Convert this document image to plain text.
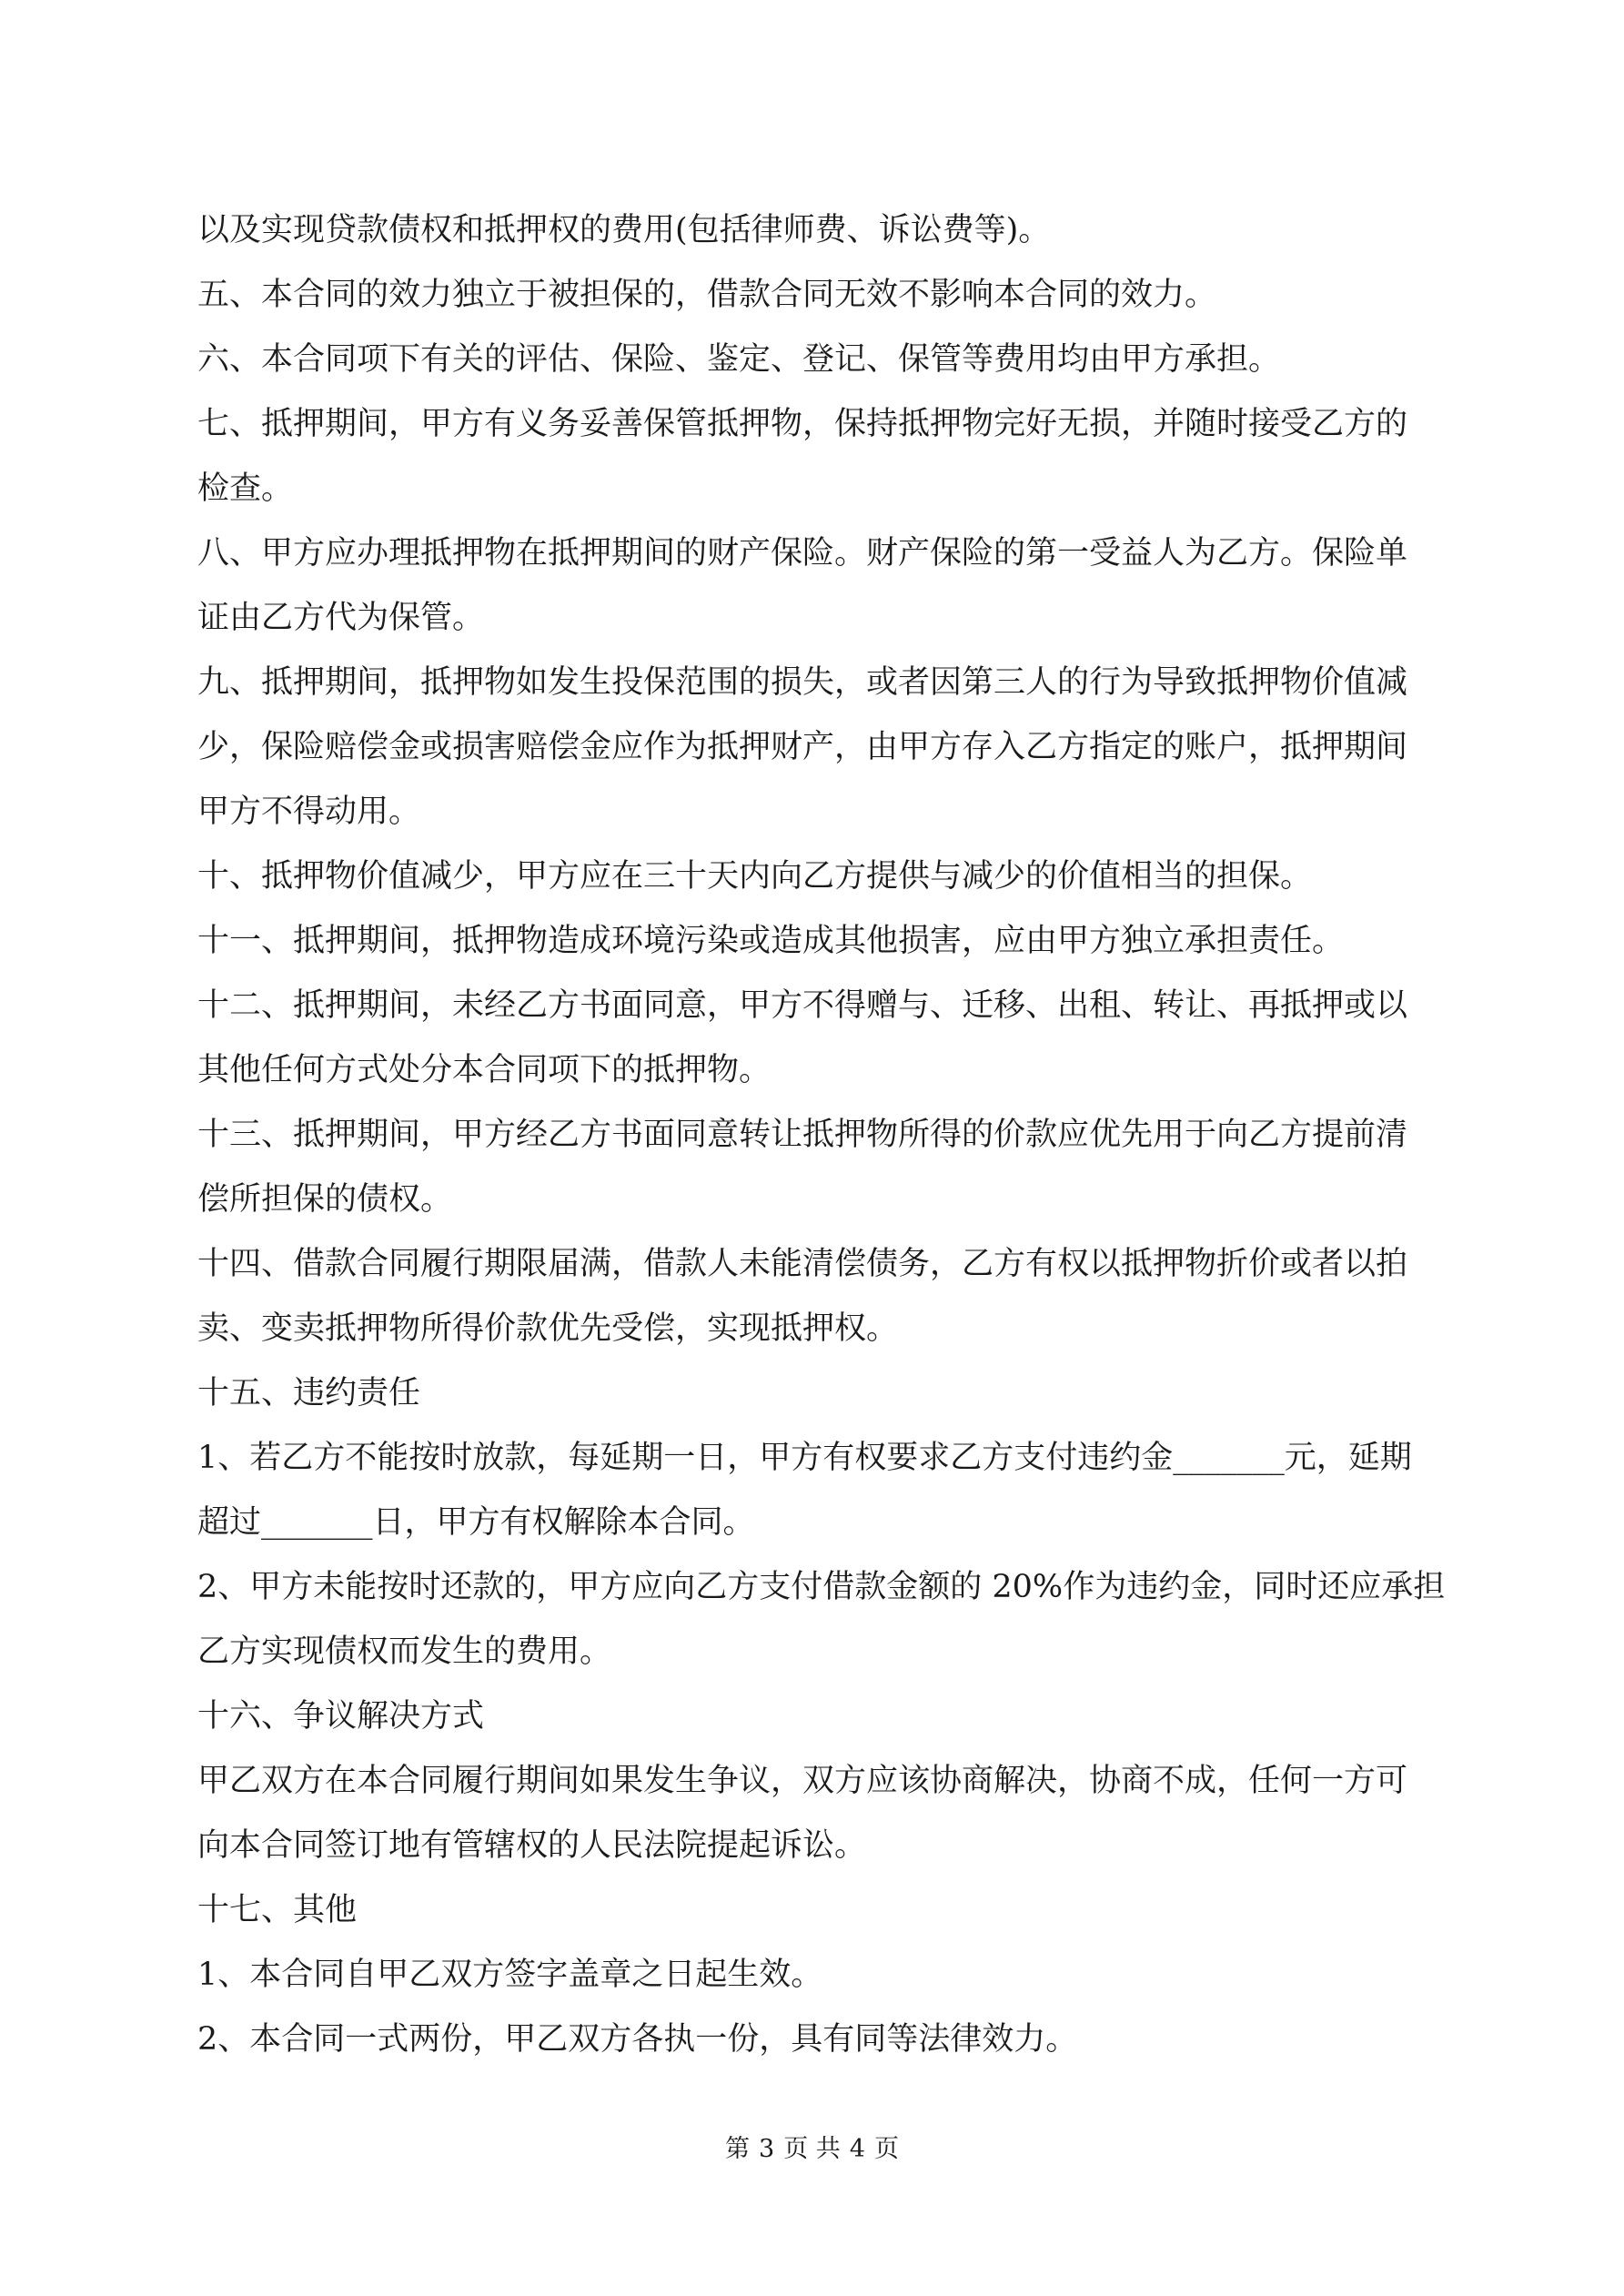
以及实现贷款债权和抵押权的费用(包括律师费、诉讼费等)。
五、本合同的效力独立于被担保的，借款合同无效不影响本合同的效力。
六、本合同项下有关的评估、保险、鉴定、登记、保管等费用均由甲方承担。
七、抵押期间，甲方有义务妥善保管抵押物，保持抵押物完好无损，并随时接受乙方的
检查。
八、甲方应办理抵押物在抵押期间的财产保险。财产保险的第一受益人为乙方。保险单
证由乙方代为保管。
九、抵押期间，抵押物如发生投保范围的损失，或者因第三人的行为导致抵押物价值减
少，保险赔偿金或损害赔偿金应作为抵押财产，由甲方存入乙方指定的账户，抵押期间
甲方不得动用。
十、抵押物价值减少，甲方应在三十天内向乙方提供与减少的价值相当的担保。
十一、抵押期间，抵押物造成环境污染或造成其他损害，应由甲方独立承担责任。
十二、抵押期间，未经乙方书面同意，甲方不得赠与、迁移、出租、转让、再抵押或以
其他任何方式处分本合同项下的抵押物。
十三、抵押期间，甲方经乙方书面同意转让抵押物所得的价款应优先用于向乙方提前清
偿所担保的债权。
十四、借款合同履行期限届满，借款人未能清偿债务，乙方有权以抵押物折价或者以拍
卖、变卖抵押物所得价款优先受偿，实现抵押权。
十五、违约责任
1、若乙方不能按时放款，每延期一日，甲方有权要求乙方支付违约金_______元，延期
超过_______日，甲方有权解除本合同。
2、甲方未能按时还款的，甲方应向乙方支付借款金额的 20%作为违约金，同时还应承担
乙方实现债权而发生的费用。
十六、争议解决方式
甲乙双方在本合同履行期间如果发生争议，双方应该协商解决，协商不成，任何一方可
向本合同签订地有管辖权的人民法院提起诉讼。
十七、其他
1、本合同自甲乙双方签字盖章之日起生效。
2、本合同一式两份，甲乙双方各执一份，具有同等法律效力。
第 3 页 共 4 页
